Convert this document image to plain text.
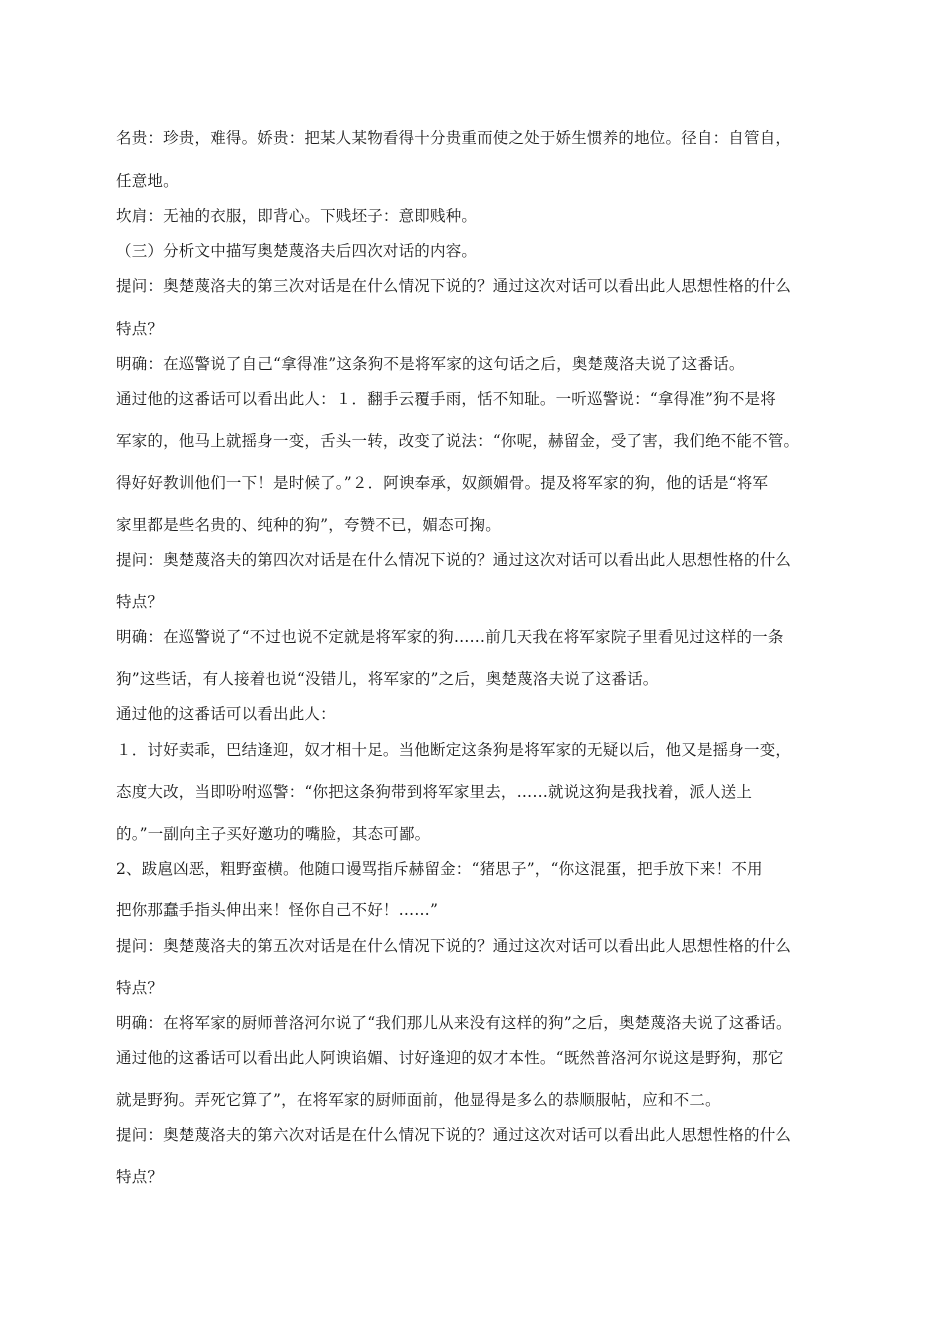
名贵：珍贵，难得。娇贵：把某人某物看得十分贵重而使之处于娇生惯养的地位。径自：自管自，
任意地。
坎肩：无袖的衣服，即背心。下贱坯子：意即贱种。
（三）分析文中描写奥楚蔑洛夫后四次对话的内容。
提问：奥楚蔑洛夫的第三次对话是在什么情况下说的？通过这次对话可以看出此人思想性格的什么
特点？
明确：在巡警说了自己“拿得准”这条狗不是将军家的这句话之后，奥楚蔑洛夫说了这番话。
通过他的这番话可以看出此人：１．翻手云覆手雨，恬不知耻。一听巡警说：“拿得准”狗不是将
军家的，他马上就摇身一变，舌头一转，改变了说法：“你呢，赫留金，受了害，我们绝不能不管。
得好好教训他们一下！是时候了。”２．阿谀奉承，奴颜媚骨。提及将军家的狗，他的话是“将军
家里都是些名贵的、纯种的狗”，夸赞不已，媚态可掬。
提问：奥楚蔑洛夫的第四次对话是在什么情况下说的？通过这次对话可以看出此人思想性格的什么
特点？
明确：在巡警说了“不过也说不定就是将军家的狗……前几天我在将军家院子里看见过这样的一条
狗”这些话，有人接着也说“没错儿，将军家的”之后，奥楚蔑洛夫说了这番话。
通过他的这番话可以看出此人：
１．讨好卖乖，巴结逢迎，奴才相十足。当他断定这条狗是将军家的无疑以后，他又是摇身一变，
态度大改，当即吩咐巡警：“你把这条狗带到将军家里去，……就说这狗是我找着，派人送上
的。”一副向主子买好邀功的嘴脸，其态可鄙。
2、跋扈凶恶，粗野蛮横。他随口谩骂指斥赫留金：“猪思子”，“你这混蛋，把手放下来！不用
把你那蠢手指头伸出来！怪你自己不好！……”
提问：奥楚蔑洛夫的第五次对话是在什么情况下说的？通过这次对话可以看出此人思想性格的什么
特点？
明确：在将军家的厨师普洛河尔说了“我们那儿从来没有这样的狗”之后，奥楚蔑洛夫说了这番话。
通过他的这番话可以看出此人阿谀谄媚、讨好逢迎的奴才本性。“既然普洛河尔说这是野狗，那它
就是野狗。弄死它算了”，在将军家的厨师面前，他显得是多么的恭顺服帖，应和不二。
提问：奥楚蔑洛夫的第六次对话是在什么情况下说的？通过这次对话可以看出此人思想性格的什么
特点？
